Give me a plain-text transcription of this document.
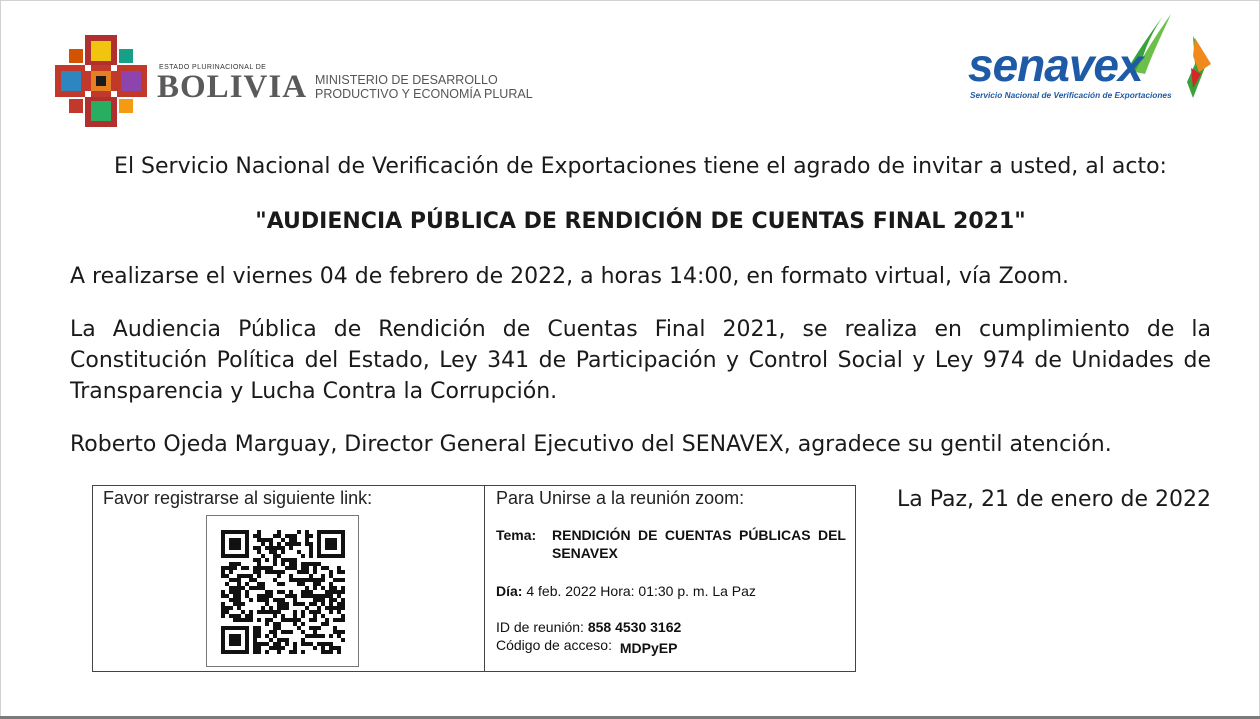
ESTADO PLURINACIONAL DE
BOLIVIA MINISTERIO DE DESARROLLO
PRODUCTIVO Y ECONOMÍA PLURAL
senavex
Servicio Nacional de Verificación de Exportaciones
El Servicio Nacional de Verificación de Exportaciones tiene el agrado de invitar a usted, al acto:
"AUDIENCIA PÚBLICA DE RENDICIÓN DE CUENTAS FINAL 2021"
A realizarse el viernes 04 de febrero de 2022, a horas 14:00, en formato virtual, vía Zoom.
La Audiencia Pública de Rendición de Cuentas Final 2021, se realiza en cumplimiento de la Constitución Política del Estado, Ley 341 de Participación y Control Social y Ley 974 de Unidades de Transparencia y Lucha Contra la Corrupción.
Roberto Ojeda Marguay, Director General Ejecutivo del SENAVEX, agradece su gentil atención.
Favor registrarse al siguiente link:	Para Unirse a la reunión zoom:
Tema:	RENDICIÓN DE CUENTAS PÚBLICAS DEL SENAVEX
Día: 4 feb. 2022 Hora: 01:30 p. m. La Paz
ID de reunión: 858 4530 3162
Código de acceso: MDPyEP
La Paz, 21 de enero de 2022
